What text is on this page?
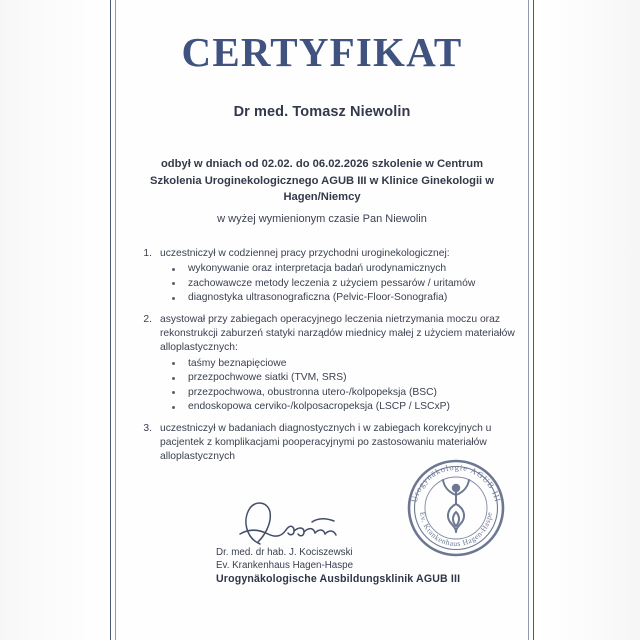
CERTYFIKAT
Dr med. Tomasz Niewolin
odbył w dniach od 02.02. do 06.02.2026 szkolenie w Centrum Szkolenia Uroginekologicznego AGUB III w Klinice Ginekologii w Hagen/Niemcy
w wyżej wymienionym czasie Pan Niewolin
1. uczestniczył w codziennej pracy przychodni uroginekologicznej:
wykonywanie oraz interpretacja badań urodynamicznych
zachowawcze metody leczenia z użyciem pessarów / uritamów
diagnostyka ultrasonograficzna (Pelvic-Floor-Sonografia)
2. asystował przy zabiegach operacyjnego leczenia nietrzymania moczu oraz rekonstrukcji zaburzeń statyki narządów miednicy małej z użyciem materiałów alloplastycznych:
taśmy beznapięciowe
przezpochwowe siatki (TVM, SRS)
przezpochwowa, obustronna utero-/kolpopeksja (BSC)
endoskopowa cerviko-/kolposacropeksja (LSCP / LSCxP)
3. uczestniczył w badaniach diagnostycznych i w zabiegach korekcyjnych u pacjentek z komplikacjami pooperacyjnymi po zastosowaniu materiałów alloplastycznych
Urogynäkologie AGUB III
Ev. Krankenhaus Hagen-Haspe
Dr. med. dr hab. J. Kociszewski
Ev. Krankenhaus Hagen-Haspe
Urogynäkologische Ausbildungsklinik AGUB III
